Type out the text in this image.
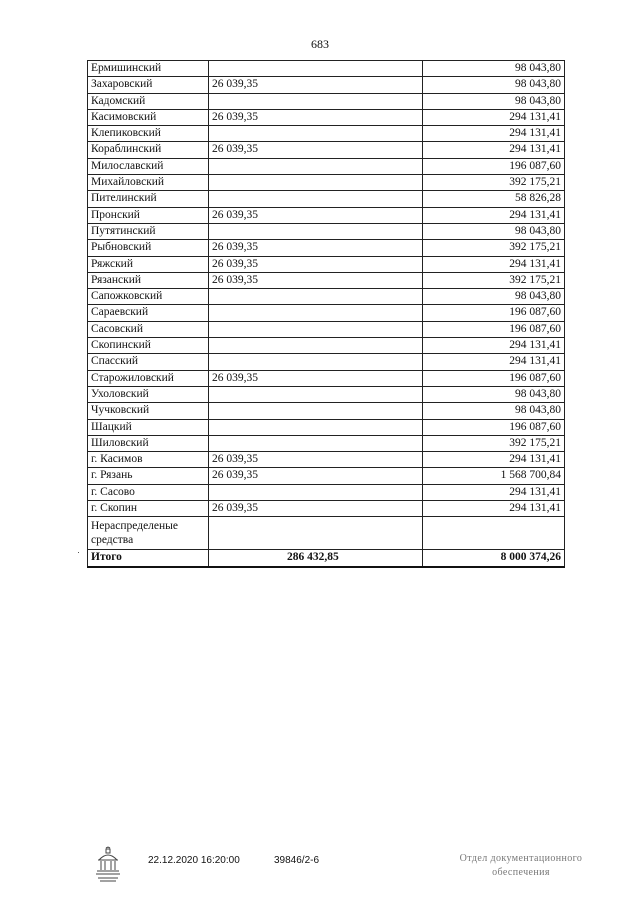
683
Ермишинский		98 043,80
Захаровский	26 039,35	98 043,80
Кадомский		98 043,80
Касимовский	26 039,35	294 131,41
Клепиковский		294 131,41
Кораблинский	26 039,35	294 131,41
Милославский		196 087,60
Михайловский		392 175,21
Пителинский		58 826,28
Пронский	26 039,35	294 131,41
Путятинский		98 043,80
Рыбновский	26 039,35	392 175,21
Ряжский	26 039,35	294 131,41
Рязанский	26 039,35	392 175,21
Сапожковский		98 043,80
Сараевский		196 087,60
Сасовский		196 087,60
Скопинский		294 131,41
Спасский		294 131,41
Старожиловский	26 039,35	196 087,60
Ухоловский		98 043,80
Чучковский		98 043,80
Шацкий		196 087,60
Шиловский		392 175,21
г. Касимов	26 039,35	294 131,41
г. Рязань	26 039,35	1 568 700,84
г. Сасово		294 131,41
г. Скопин	26 039,35	294 131,41
Нераспределеные средства		
Итого	286 432,85	8 000 374,26
22.12.2020 16:20:00	39846/2-6	Отдел документационного
обеспечения
